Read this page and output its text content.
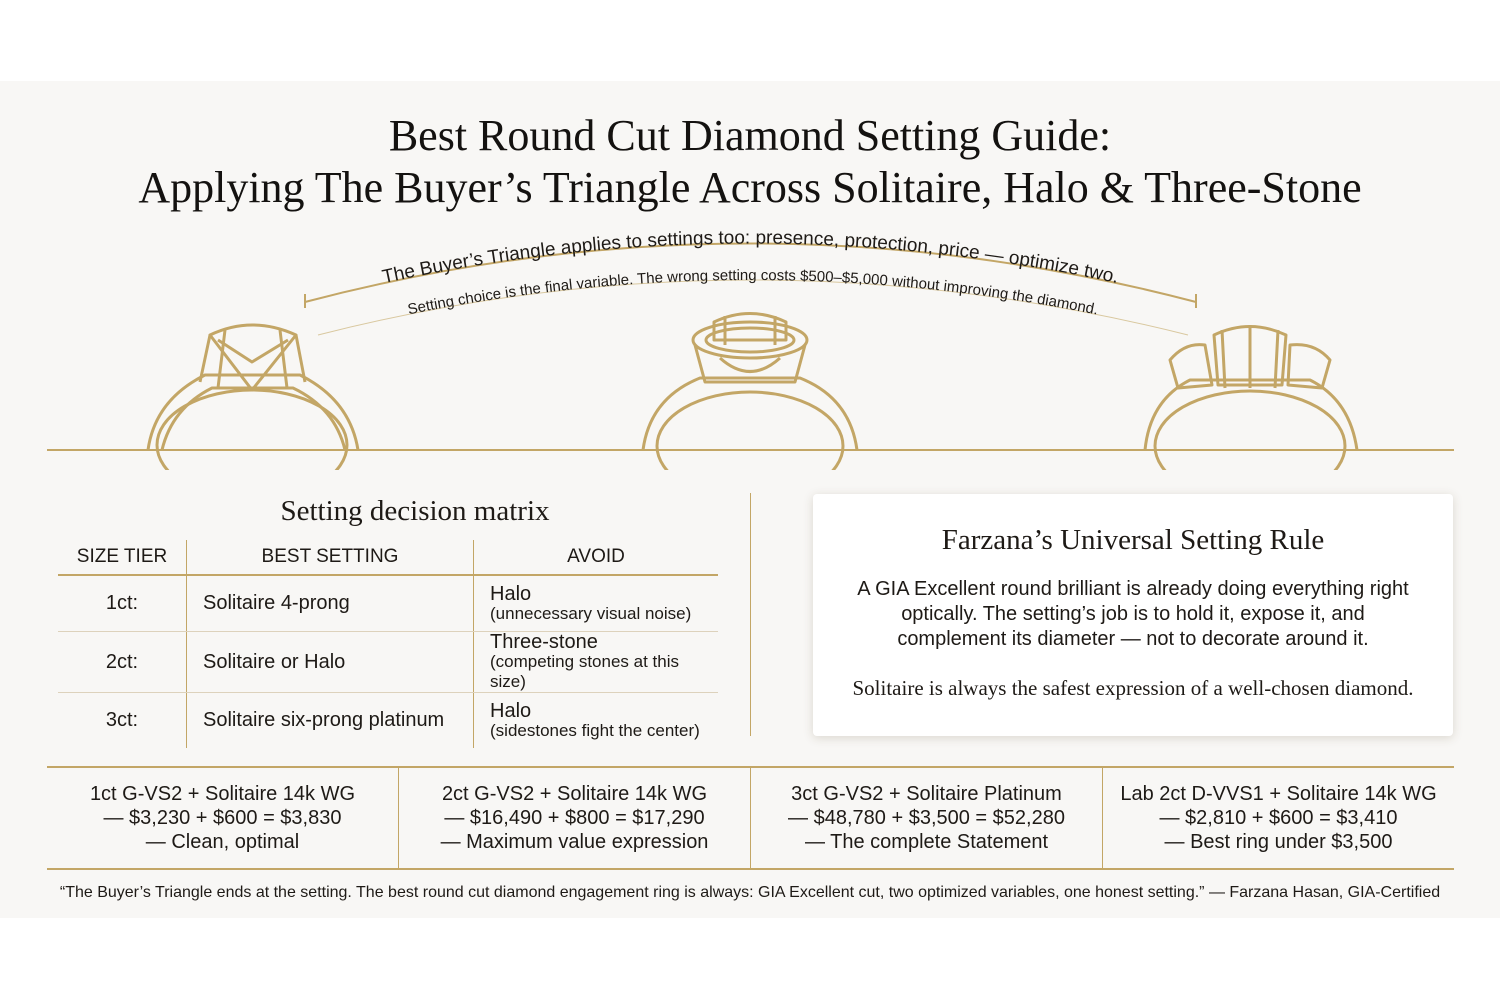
Best Round Cut Diamond Setting Guide:
Applying The Buyer’s Triangle Across Solitaire, Halo & Three-Stone
The Buyer’s Triangle applies to settings too: presence, protection, price — optimize two.
Setting choice is the final variable. The wrong setting costs $500–$5,000 without improving the diamond.
Setting decision matrix
SIZE TIER	BEST SETTING	AVOID
1ct:	Solitaire 4-prong	Halo
(unnecessary visual noise)

2ct:	Solitaire or Halo	Three-stone
(competing stones at this size)

3ct:	Solitaire six-prong platinum	Halo
(sidestones fight the center)
Farzana’s Universal Setting Rule
A GIA Excellent round brilliant is already doing everything right optically. The setting’s job is to hold it, expose it, and complement its diameter — not to decorate around it.
Solitaire is always the safest expression of a well-chosen diamond.
1ct G-VS2 + Solitaire 14k WG
— $3,230 + $600 = $3,830
— Clean, optimal
2ct G-VS2 + Solitaire 14k WG
— $16,490 + $800 = $17,290
— Maximum value expression
3ct G-VS2 + Solitaire Platinum
— $48,780 + $3,500 = $52,280
— The complete Statement
Lab 2ct D-VVS1 + Solitaire 14k WG
— $2,810 + $600 = $3,410
— Best ring under $3,500
“The Buyer’s Triangle ends at the setting. The best round cut diamond engagement ring is always: GIA Excellent cut, two optimized variables, one honest setting.” — Farzana Hasan, GIA-Certified
